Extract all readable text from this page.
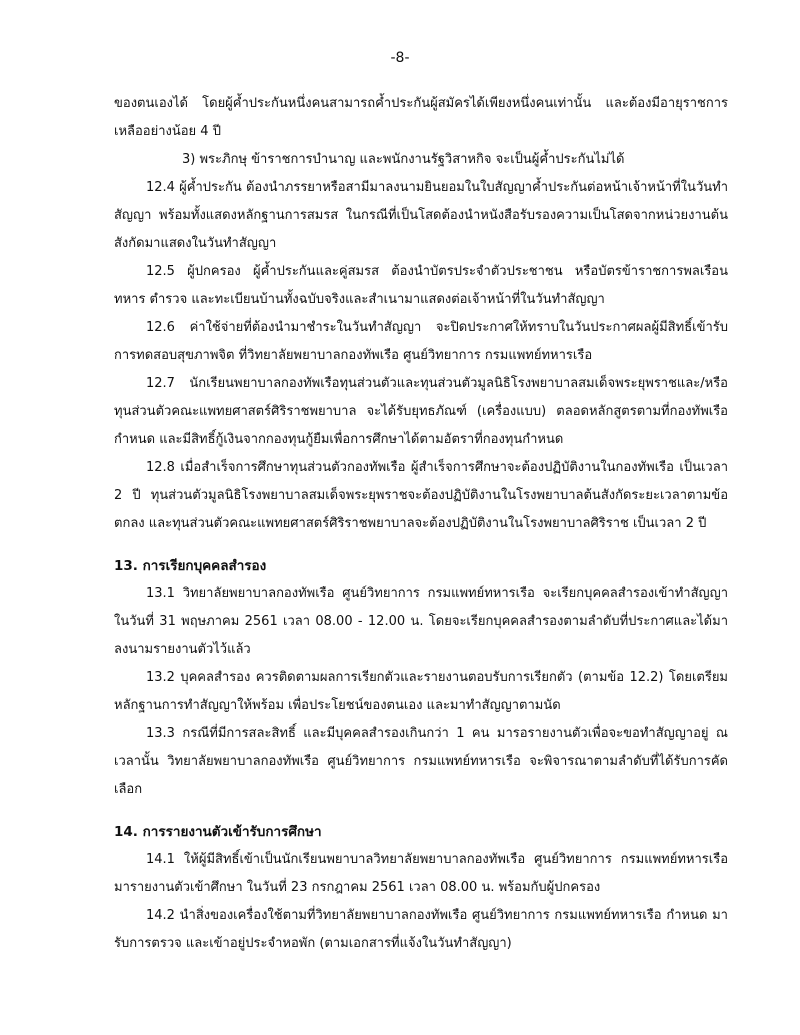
-8-

ของตนเองได้ โดยผู้ค้ำประกันหนึ่งคนสามารถค้ำประกันผู้สมัครได้เพียงหนึ่งคนเท่านั้น และต้องมีอายุราชการเหลืออย่างน้อย 4 ปี

3) พระภิกษุ ข้าราชการบำนาญ และพนักงานรัฐวิสาหกิจ จะเป็นผู้ค้ำประกันไม่ได้

12.4 ผู้ค้ำประกัน ต้องนำภรรยาหรือสามีมาลงนามยินยอมในใบสัญญาค้ำประกันต่อหน้าเจ้าหน้าที่ในวันทำสัญญา พร้อมทั้งแสดงหลักฐานการสมรส ในกรณีที่เป็นโสดต้องนำหนังสือรับรองความเป็นโสดจากหน่วยงานต้นสังกัดมาแสดงในวันทำสัญญา

12.5 ผู้ปกครอง ผู้ค้ำประกันและคู่สมรส ต้องนำบัตรประจำตัวประชาชน หรือบัตรข้าราชการพลเรือน ทหาร ตำรวจ และทะเบียนบ้านทั้งฉบับจริงและสำเนามาแสดงต่อเจ้าหน้าที่ในวันทำสัญญา

12.6 ค่าใช้จ่ายที่ต้องนำมาชำระในวันทำสัญญา จะปิดประกาศให้ทราบในวันประกาศผลผู้มีสิทธิ์เข้ารับการทดสอบสุขภาพจิต ที่วิทยาลัยพยาบาลกองทัพเรือ ศูนย์วิทยาการ กรมแพทย์ทหารเรือ

12.7 นักเรียนพยาบาลกองทัพเรือทุนส่วนตัวและทุนส่วนตัวมูลนิธิโรงพยาบาลสมเด็จพระยุพราชและ/หรือทุนส่วนตัวคณะแพทยศาสตร์ศิริราชพยาบาล จะได้รับยุทธภัณฑ์ (เครื่องแบบ) ตลอดหลักสูตรตามที่กองทัพเรือกำหนด และมีสิทธิ์กู้เงินจากกองทุนกู้ยืมเพื่อการศึกษาได้ตามอัตราที่กองทุนกำหนด

12.8 เมื่อสำเร็จการศึกษาทุนส่วนตัวกองทัพเรือ ผู้สำเร็จการศึกษาจะต้องปฏิบัติงานในกองทัพเรือ เป็นเวลา 2 ปี ทุนส่วนตัวมูลนิธิโรงพยาบาลสมเด็จพระยุพราชจะต้องปฏิบัติงานในโรงพยาบาลต้นสังกัดระยะเวลาตามข้อตกลง และทุนส่วนตัวคณะแพทยศาสตร์ศิริราชพยาบาลจะต้องปฏิบัติงานในโรงพยาบาลศิริราช เป็นเวลา 2 ปี

13. การเรียกบุคคลสำรอง

13.1 วิทยาลัยพยาบาลกองทัพเรือ ศูนย์วิทยาการ กรมแพทย์ทหารเรือ จะเรียกบุคคลสำรองเข้าทำสัญญาในวันที่ 31 พฤษภาคม 2561 เวลา 08.00 - 12.00 น. โดยจะเรียกบุคคลสำรองตามลำดับที่ประกาศและได้มาลงนามรายงานตัวไว้แล้ว

13.2 บุคคลสำรอง ควรติดตามผลการเรียกตัวและรายงานตอบรับการเรียกตัว (ตามข้อ 12.2) โดยเตรียมหลักฐานการทำสัญญาให้พร้อม เพื่อประโยชน์ของตนเอง และมาทำสัญญาตามนัด

13.3 กรณีที่มีการสละสิทธิ์ และมีบุคคลสำรองเกินกว่า 1 คน มารอรายงานตัวเพื่อจะขอทำสัญญาอยู่ ณ เวลานั้น วิทยาลัยพยาบาลกองทัพเรือ ศูนย์วิทยาการ กรมแพทย์ทหารเรือ จะพิจารณาตามลำดับที่ได้รับการคัดเลือก

14. การรายงานตัวเข้ารับการศึกษา

14.1 ให้ผู้มีสิทธิ์เข้าเป็นนักเรียนพยาบาลวิทยาลัยพยาบาลกองทัพเรือ ศูนย์วิทยาการ กรมแพทย์ทหารเรือมารายงานตัวเข้าศึกษา ในวันที่ 23 กรกฎาคม 2561 เวลา 08.00 น. พร้อมกับผู้ปกครอง

14.2 นำสิ่งของเครื่องใช้ตามที่วิทยาลัยพยาบาลกองทัพเรือ ศูนย์วิทยาการ กรมแพทย์ทหารเรือ กำหนด มารับการตรวจ และเข้าอยู่ประจำหอพัก (ตามเอกสารที่แจ้งในวันทำสัญญา)
